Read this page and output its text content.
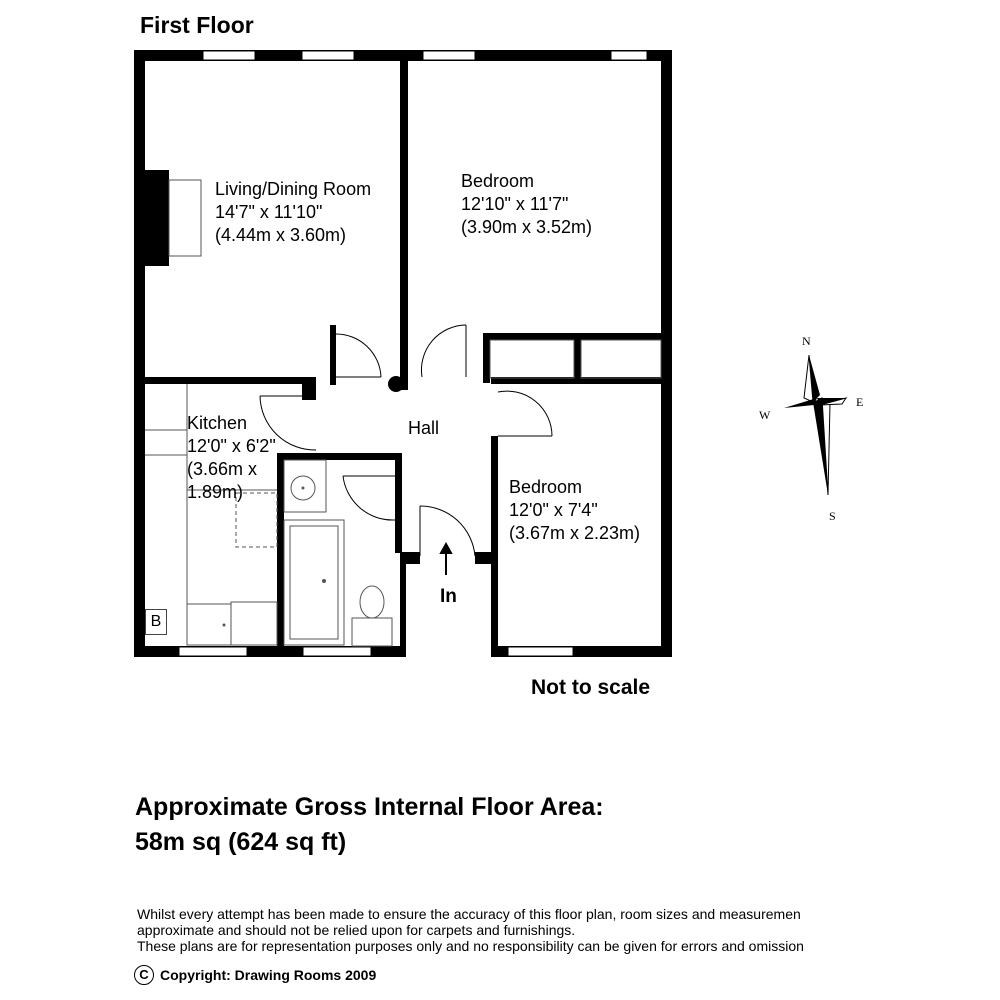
First Floor
N
E
S
W
Living/Dining Room
14'7" x 11'10"
(4.44m x 3.60m)
Bedroom
12'10" x 11'7"
(3.90m x 3.52m)
Kitchen
12'0" x 6'2"
(3.66m x
1.89m)
Hall
Bedroom
12'0" x 7'4"
(3.67m x 2.23m)
B
In
Not to scale
Approximate Gross Internal Floor Area:
58m sq (624 sq ft)
Whilst every attempt has been made to ensure the accuracy of this floor plan, room sizes and measuremen
approximate and should not be relied upon for carpets and furnishings.
These plans are for representation purposes only and no responsibility can be given for errors and omission
C Copyright: Drawing Rooms 2009
